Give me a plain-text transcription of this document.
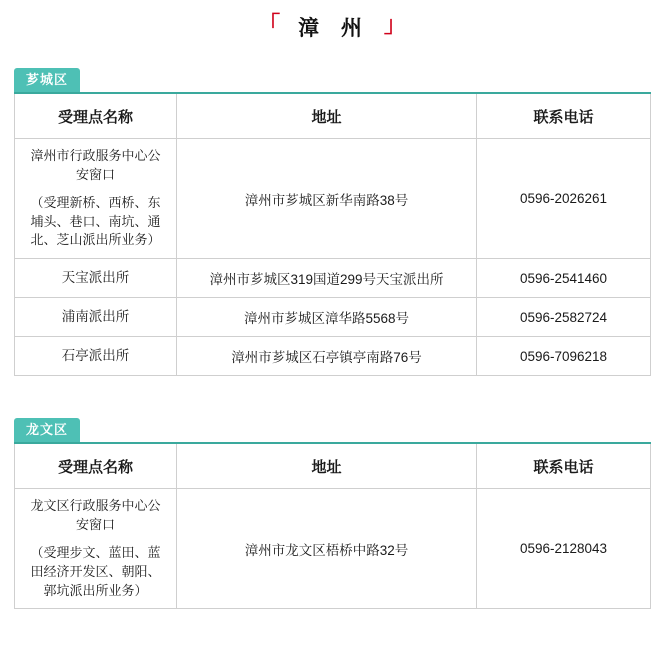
「 漳 州 」
芗城区
受理点名称	地址	联系电话
漳州市行政服务中心公安窗口
（受理新桥、西桥、东埔头、巷口、南坑、通北、芝山派出所业务）	漳州市芗城区新华南路38号	0596-2026261
天宝派出所	漳州市芗城区319国道299号天宝派出所	0596-2541460
浦南派出所	漳州市芗城区漳华路5568号	0596-2582724
石亭派出所	漳州市芗城区石亭镇亭南路76号	0596-7096218
龙文区
受理点名称	地址	联系电话
龙文区行政服务中心公安窗口
（受理步文、蓝田、蓝田经济开发区、朝阳、郭坑派出所业务）	漳州市龙文区梧桥中路32号	0596-2128043
